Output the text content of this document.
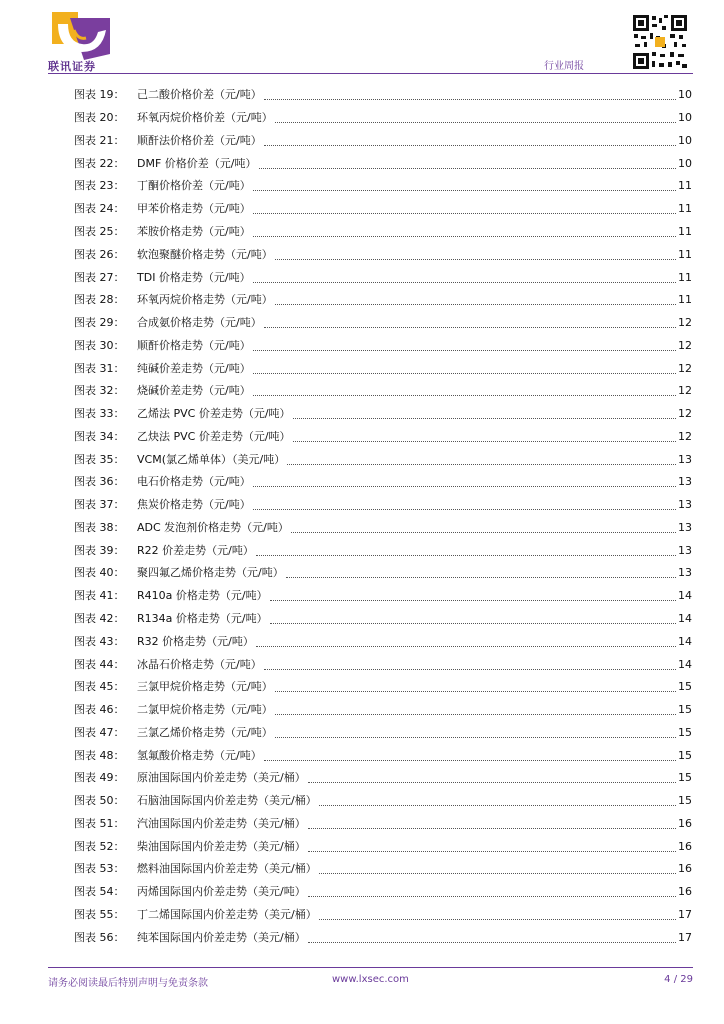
联讯证券	行业周报
图表 19：	己二酸价格价差（元/吨）	10
图表 20：	环氧丙烷价格价差（元/吨）	10
图表 21：	顺酐法价格价差（元/吨）	10
图表 22：	DMF 价格价差（元/吨）	10
图表 23：	丁酮价格价差（元/吨）	11
图表 24：	甲苯价格走势（元/吨）	11
图表 25：	苯胺价格走势（元/吨）	11
图表 26：	软泡聚醚价格走势（元/吨）	11
图表 27：	TDI 价格走势（元/吨）	11
图表 28：	环氧丙烷价格走势（元/吨）	11
图表 29：	合成氨价格走势（元/吨）	12
图表 30：	顺酐价格走势（元/吨）	12
图表 31：	纯碱价差走势（元/吨）	12
图表 32：	烧碱价差走势（元/吨）	12
图表 33：	乙烯法 PVC 价差走势（元/吨）	12
图表 34：	乙炔法 PVC 价差走势（元/吨）	12
图表 35：	VCM(氯乙烯单体）（美元/吨）	13
图表 36：	电石价格走势（元/吨）	13
图表 37：	焦炭价格走势（元/吨）	13
图表 38：	ADC 发泡剂价格走势（元/吨）	13
图表 39：	R22 价差走势（元/吨）	13
图表 40：	聚四氟乙烯价格走势（元/吨）	13
图表 41：	R410a 价格走势（元/吨）	14
图表 42：	R134a 价格走势（元/吨）	14
图表 43：	R32 价格走势（元/吨）	14
图表 44：	冰晶石价格走势（元/吨）	14
图表 45：	三氯甲烷价格走势（元/吨）	15
图表 46：	二氯甲烷价格走势（元/吨）	15
图表 47：	三氯乙烯价格走势（元/吨）	15
图表 48：	氢氟酸价格走势（元/吨）	15
图表 49：	原油国际国内价差走势（美元/桶）	15
图表 50：	石脑油国际国内价差走势（美元/桶）	15
图表 51：	汽油国际国内价差走势（美元/桶）	16
图表 52：	柴油国际国内价差走势（美元/桶）	16
图表 53：	燃料油国际国内价差走势（美元/桶）	16
图表 54：	丙烯国际国内价差走势（美元/吨）	16
图表 55：	丁二烯国际国内价差走势（美元/桶）	17
图表 56：	纯苯国际国内价差走势（美元/桶）	17
请务必阅读最后特别声明与免责条款	www.lxsec.com	4 / 29
